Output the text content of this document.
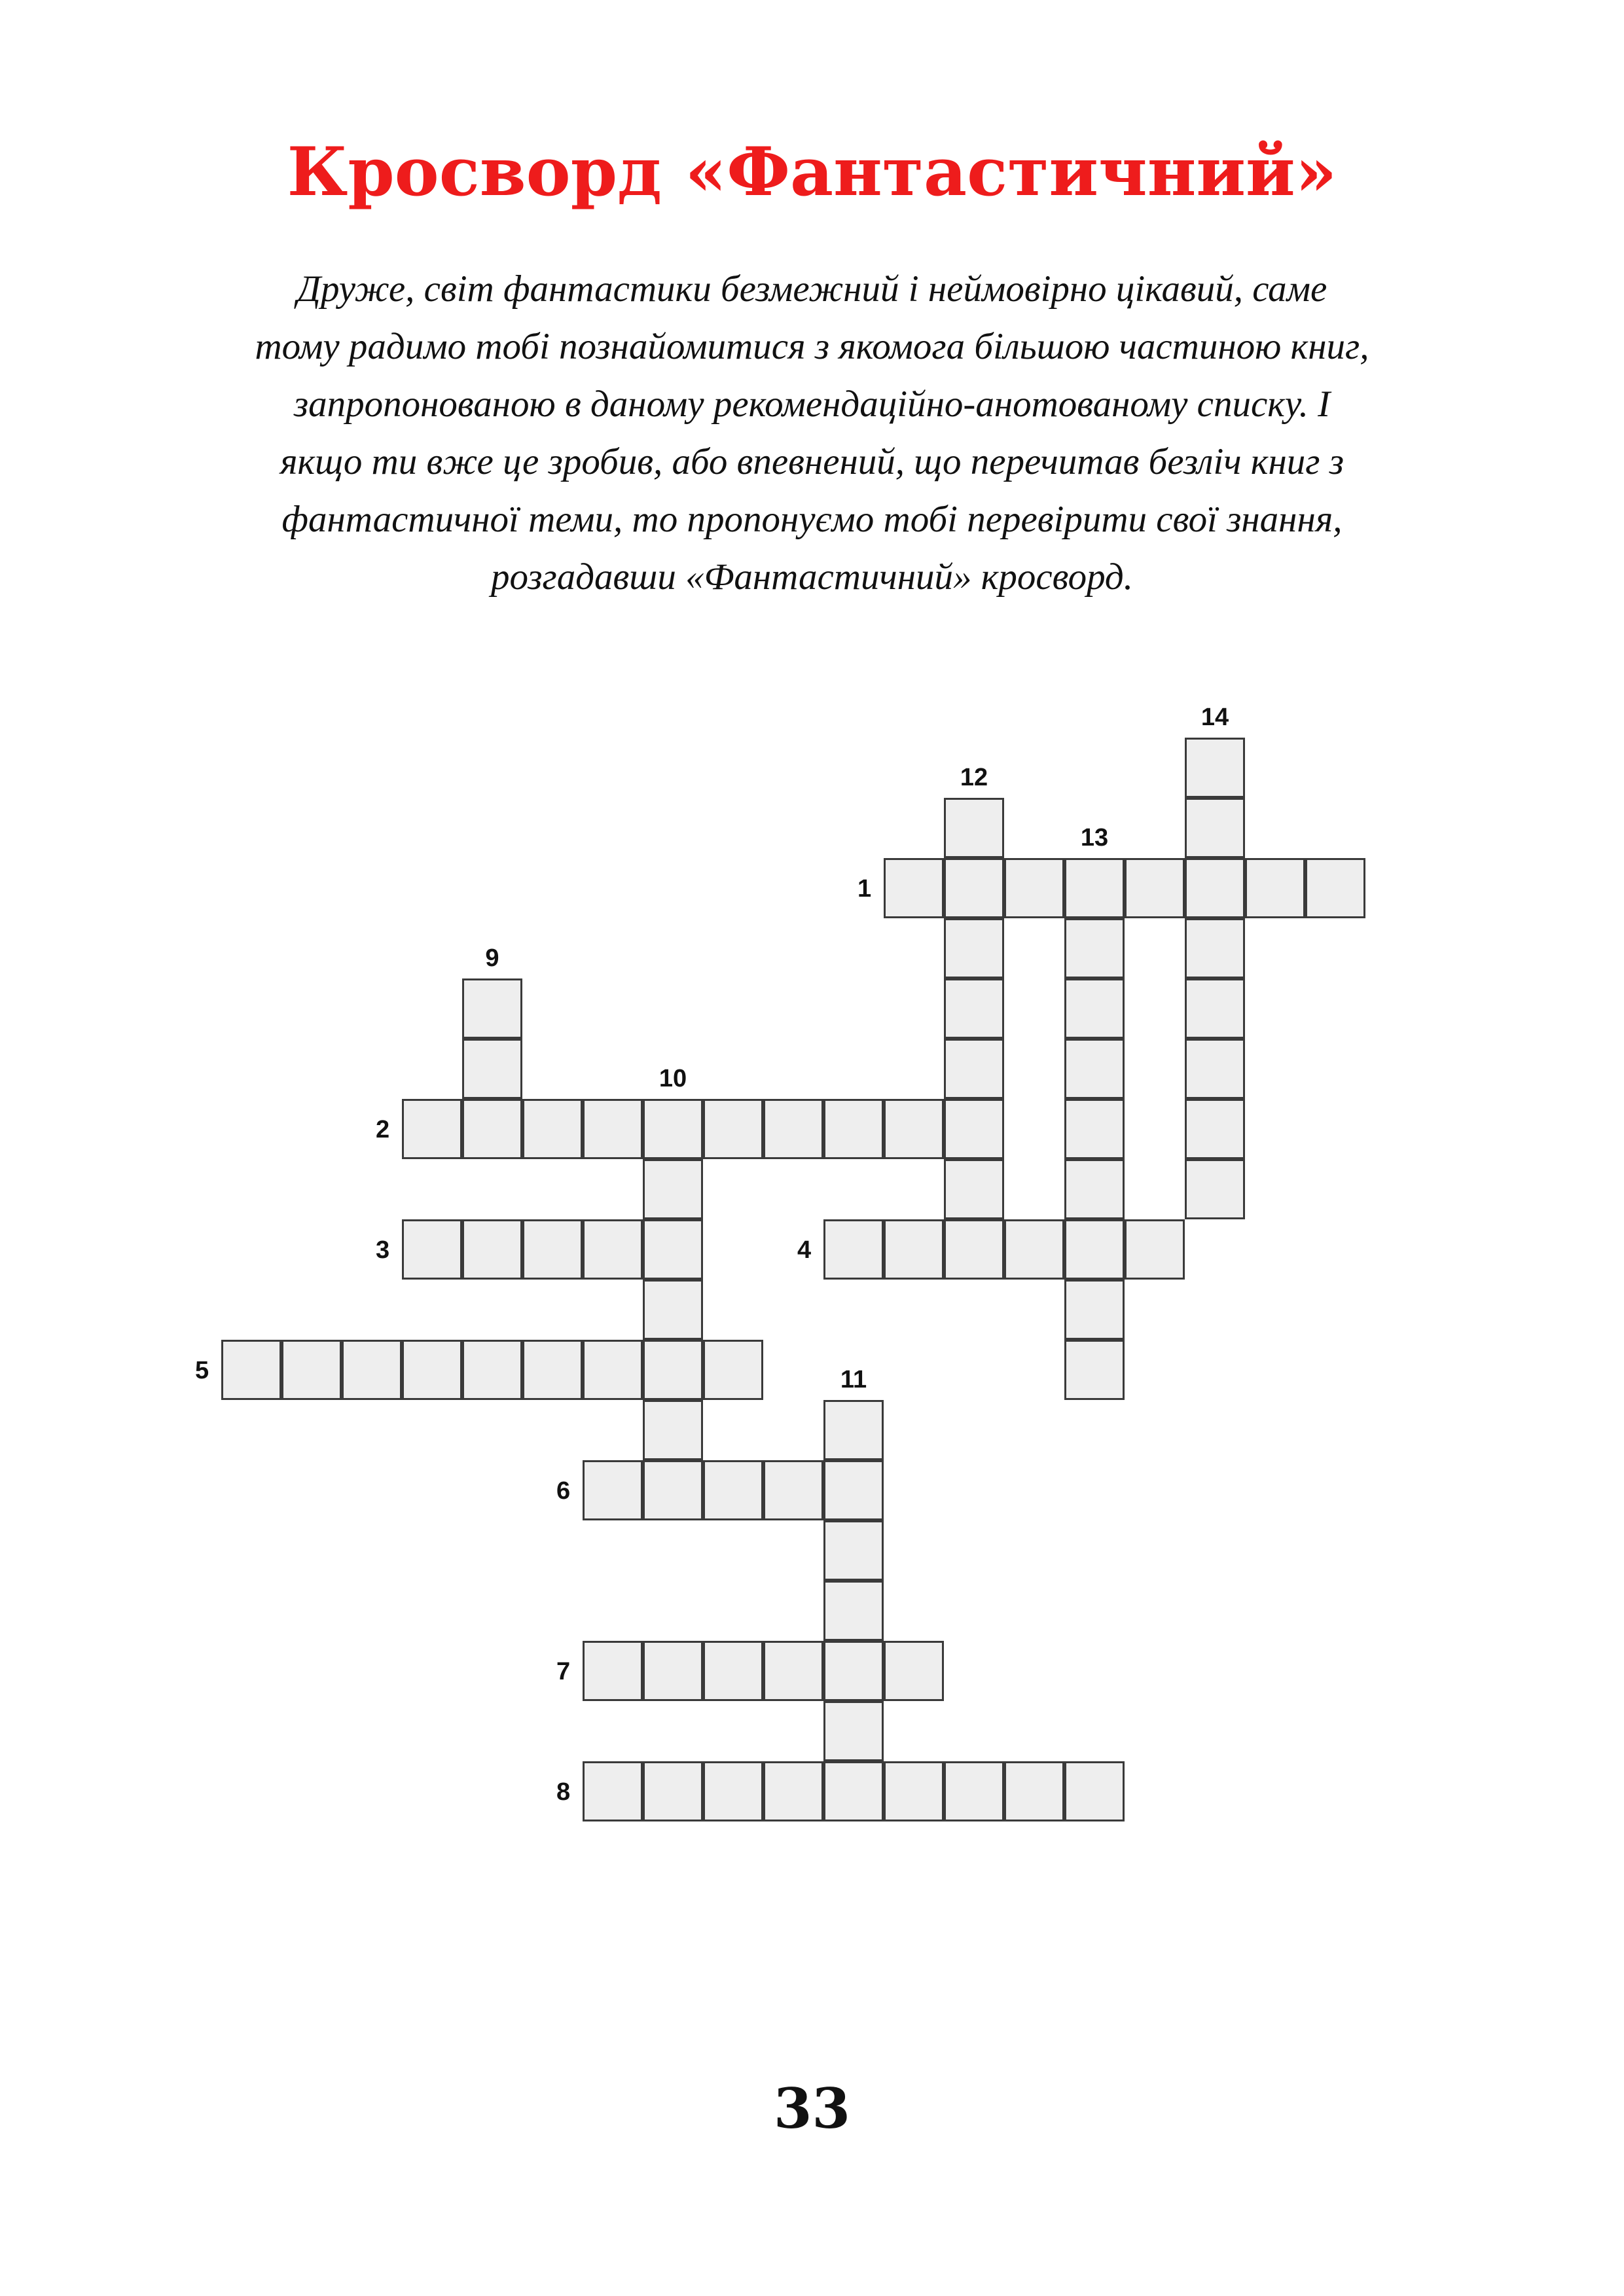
Кросворд «Фантастичний»
Друже, світ фантастики безмежний і неймовірно цікавий, саме
тому радимо тобі познайомитися з якомога більшою частиною книг,
запропонованою в даному рекомендаційно-анотованому списку. І
якщо ти вже це зробив, або впевнений, що перечитав безліч книг з
фантастичної теми, то пропонуємо тобі перевірити свої знання,
розгадавши «Фантастичний» кросворд.
1
2
3	4
5
6
7
8
9
10
11
12
13
14
33
